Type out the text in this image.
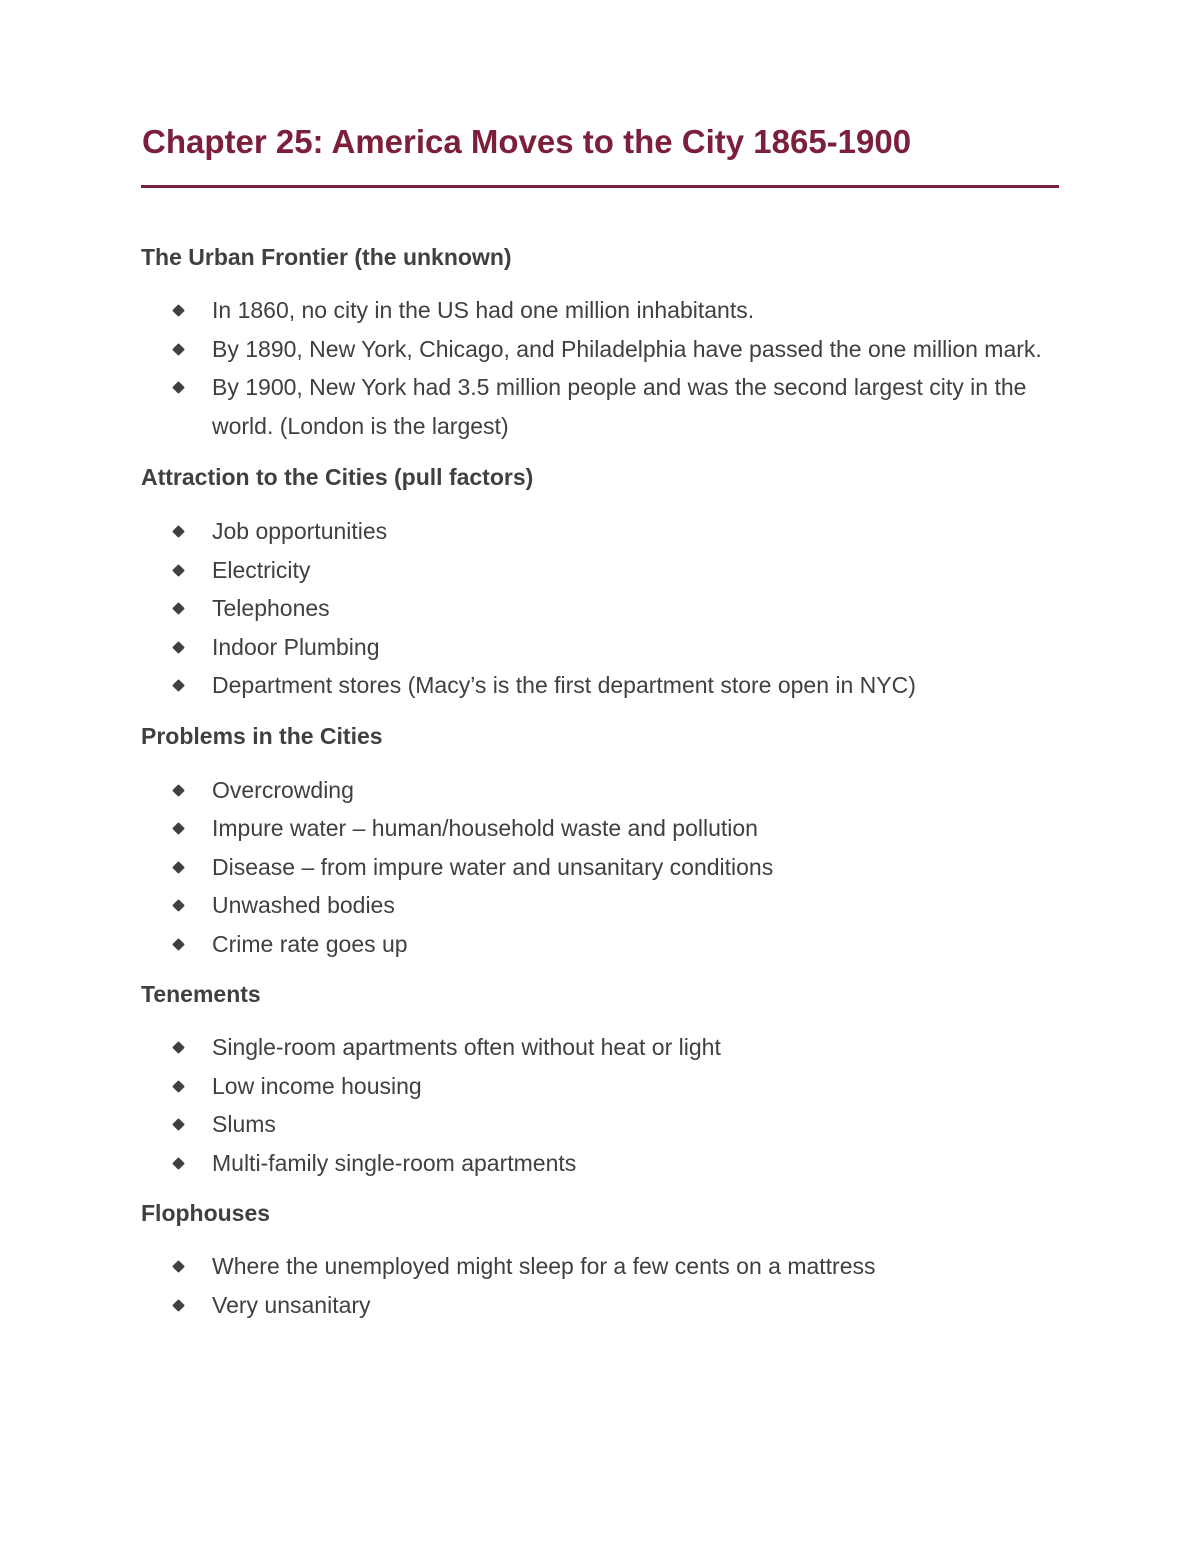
Chapter 25: America Moves to the City 1865-1900
The Urban Frontier (the unknown)
In 1860, no city in the US had one million inhabitants.
By 1890, New York, Chicago, and Philadelphia have passed the one million mark.
By 1900, New York had 3.5 million people and was the second largest city in the world. (London is the largest)
Attraction to the Cities (pull factors)
Job opportunities
Electricity
Telephones
Indoor Plumbing
Department stores (Macy’s is the first department store open in NYC)
Problems in the Cities
Overcrowding
Impure water – human/household waste and pollution
Disease – from impure water and unsanitary conditions
Unwashed bodies
Crime rate goes up
Tenements
Single-room apartments often without heat or light
Low income housing
Slums
Multi-family single-room apartments
Flophouses
Where the unemployed might sleep for a few cents on a mattress
Very unsanitary
